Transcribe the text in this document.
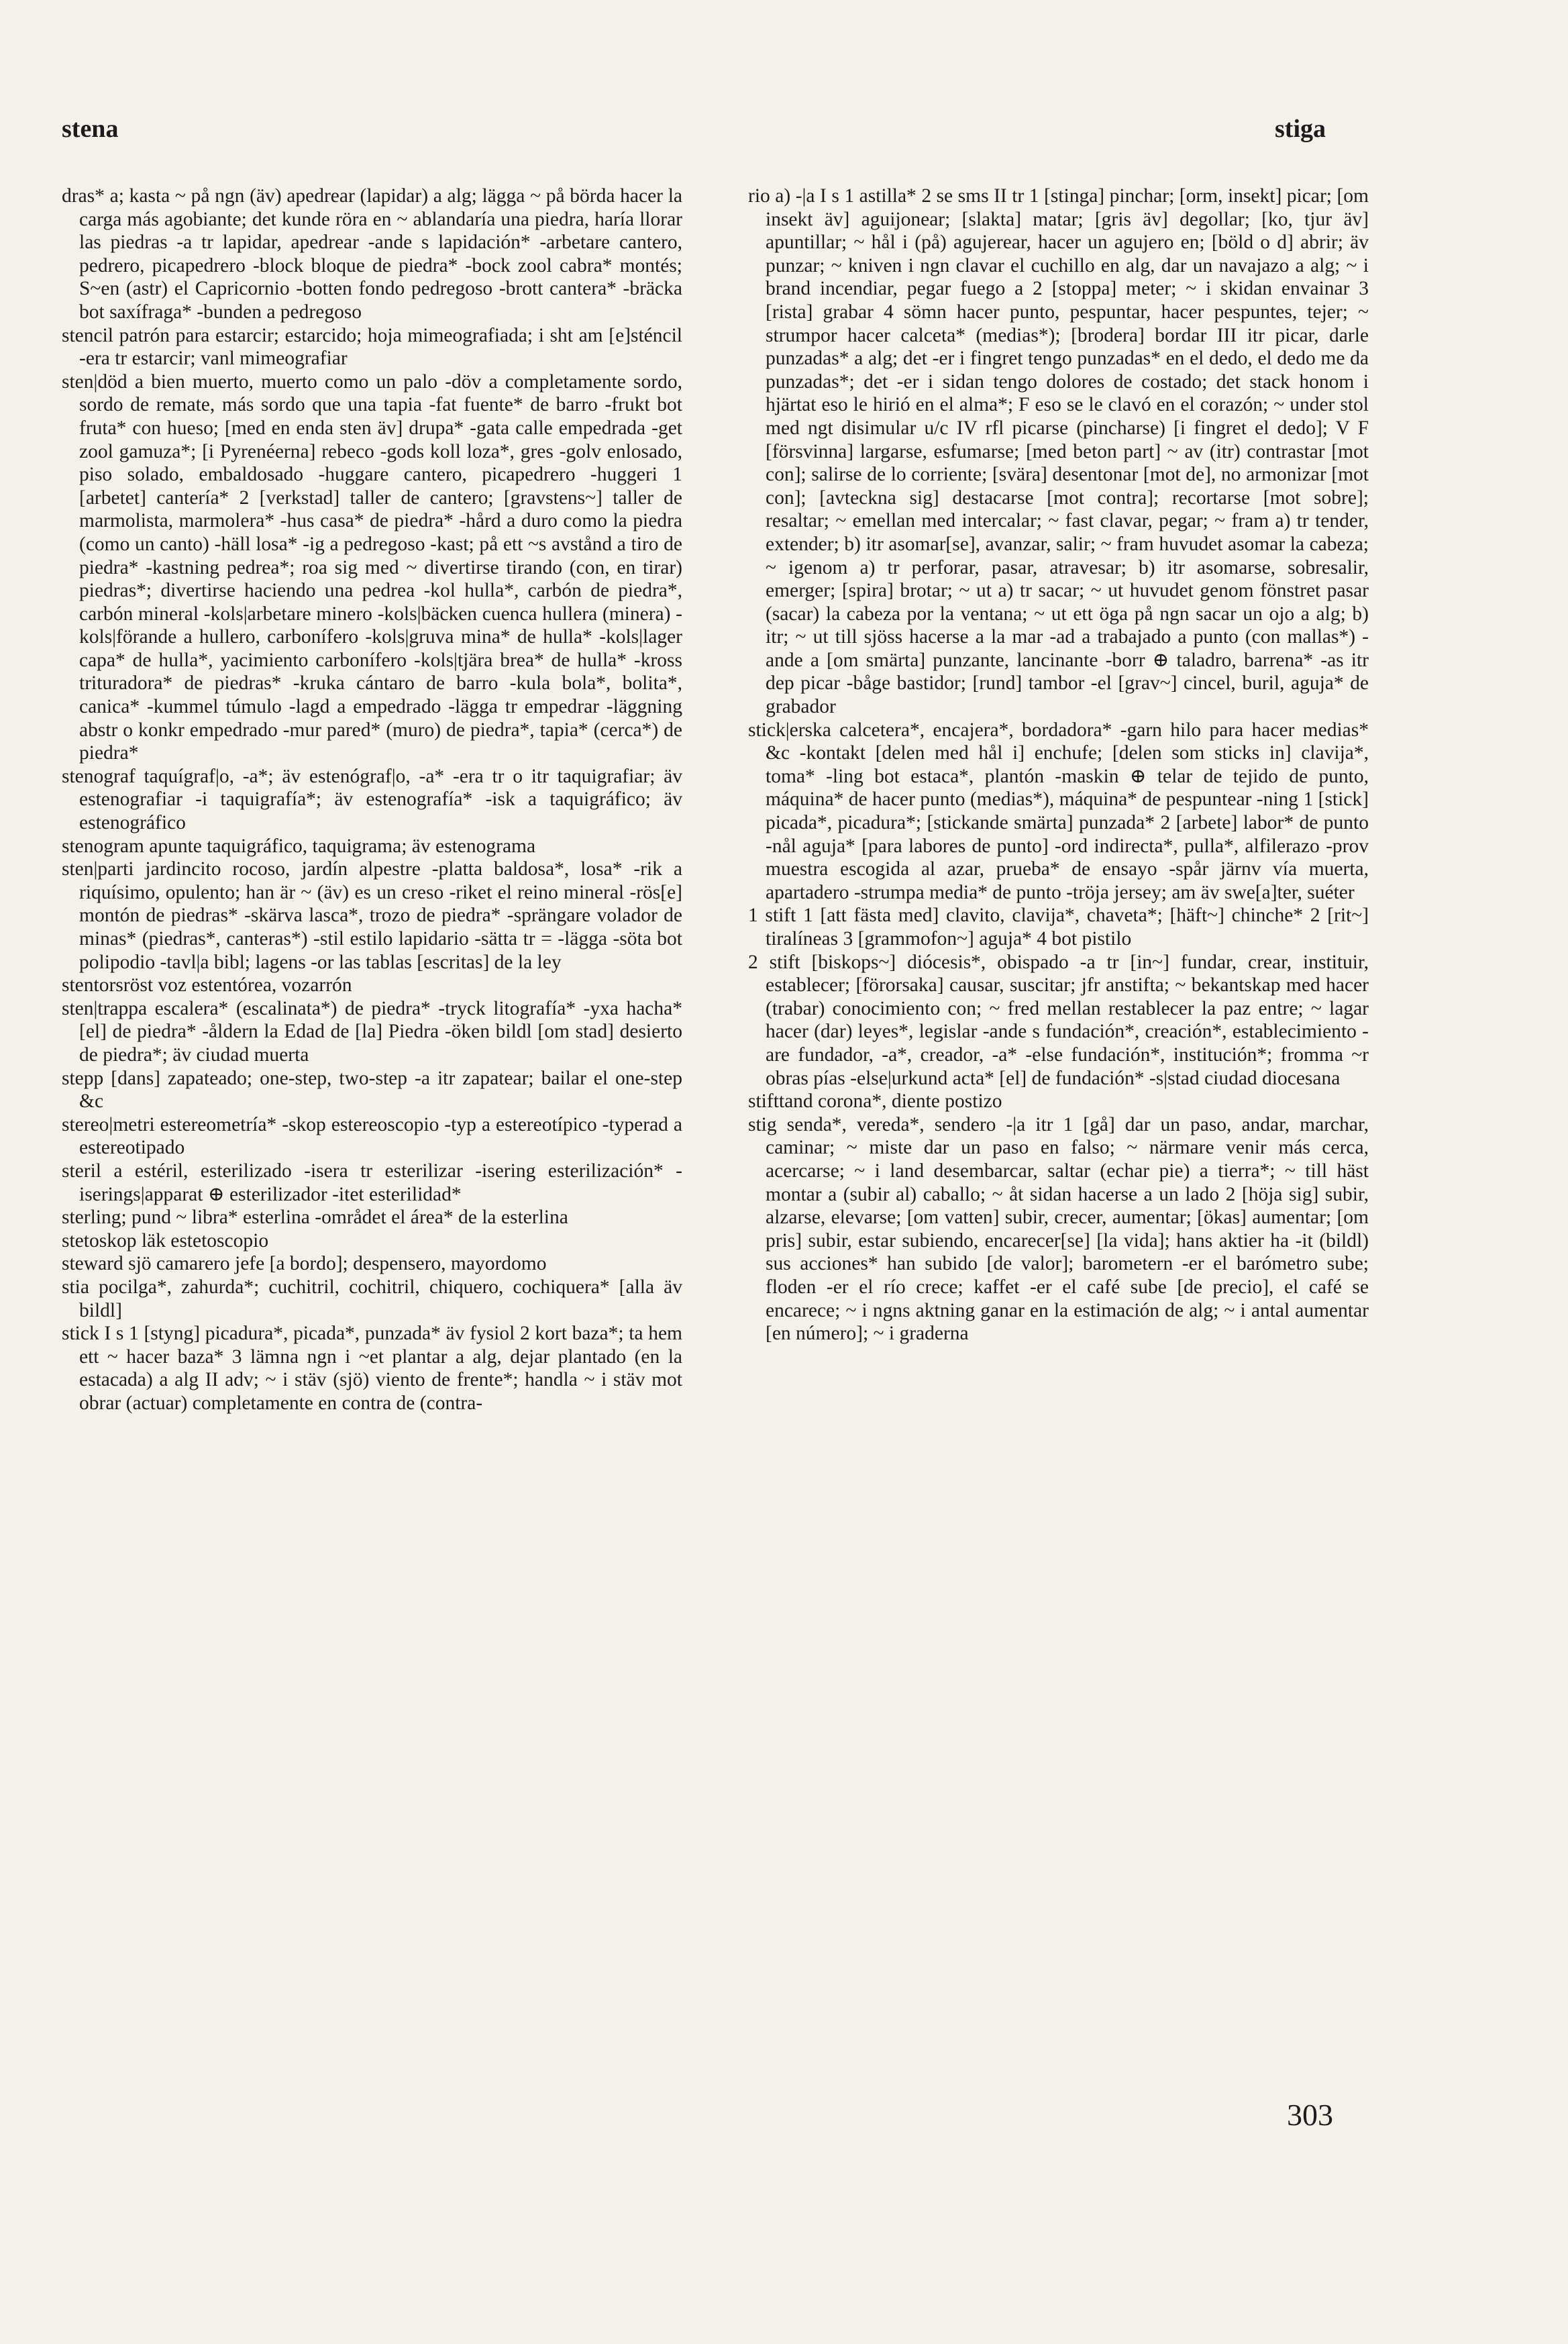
stena	stiga

dras* a; kasta ~ på ngn (äv) apedrear (lapidar) a alg; lägga ~ på börda hacer la carga más agobiante; det kunde röra en ~ ablandaría una piedra, haría llorar las piedras -a tr lapidar, apedrear -ande s lapidación* -arbetare cantero, pedrero, picapedrero -block bloque de piedra* -bock zool cabra* montés; S~en (astr) el Capricornio -botten fondo pedregoso -brott cantera* -bräcka bot saxífraga* -bunden a pedregoso

stencil patrón para estarcir; estarcido; hoja mimeografiada; i sht am [e]sténcil -era tr estarcir; vanl mimeografiar

sten|död a bien muerto, muerto como un palo -döv a completamente sordo, sordo de remate, más sordo que una tapia -fat fuente* de barro -frukt bot fruta* con hueso; [med en enda sten äv] drupa* -gata calle empedrada -get zool gamuza*; [i Pyrenéerna] rebeco -gods koll loza*, gres -golv enlosado, piso solado, embaldosado -huggare cantero, picapedrero -huggeri 1 [arbetet] cantería* 2 [verkstad] taller de cantero; [gravstens~] taller de marmolista, marmolera* -hus casa* de piedra* -hård a duro como la piedra (como un canto) -häll losa* -ig a pedregoso -kast; på ett ~s avstånd a tiro de piedra* -kastning pedrea*; roa sig med ~ divertirse tirando (con, en tirar) piedras*; divertirse haciendo una pedrea -kol hulla*, carbón de piedra*, carbón mineral -kols|arbetare minero -kols|bäcken cuenca hullera (minera) -kols|förande a hullero, carbonífero -kols|gruva mina* de hulla* -kols|lager capa* de hulla*, yacimiento carbonífero -kols|tjära brea* de hulla* -kross trituradora* de piedras* -kruka cántaro de barro -kula bola*, bolita*, canica* -kummel túmulo -lagd a empedrado -lägga tr empedrar -läggning abstr o konkr empedrado -mur pared* (muro) de piedra*, tapia* (cerca*) de piedra*

stenograf taquígraf|o, -a*; äv estenógraf|o, -a* -era tr o itr taquigrafiar; äv estenografiar -i taquigrafía*; äv estenografía* -isk a taquigráfico; äv estenográfico

stenogram apunte taquigráfico, taquigrama; äv estenograma

sten|parti jardincito rocoso, jardín alpestre -platta baldosa*, losa* -rik a riquísimo, opulento; han är ~ (äv) es un creso -riket el reino mineral -rös[e] montón de piedras* -skärva lasca*, trozo de piedra* -sprängare volador de minas* (piedras*, canteras*) -stil estilo lapidario -sätta tr = -lägga -söta bot polipodio -tavl|a bibl; lagens -or las tablas [escritas] de la ley

stentorsröst voz estentórea, vozarrón

sten|trappa escalera* (escalinata*) de piedra* -tryck litografía* -yxa hacha* [el] de piedra* -åldern la Edad de [la] Piedra -öken bildl [om stad] desierto de piedra*; äv ciudad muerta

stepp [dans] zapateado; one-step, two-step -a itr zapatear; bailar el one-step &c

stereo|metri estereometría* -skop estereoscopio -typ a estereotípico -typerad a estereotipado

steril a estéril, esterilizado -isera tr esterilizar -isering esterilización* -iserings|apparat ⊕ esterilizador -itet esterilidad*

sterling; pund ~ libra* esterlina -området el área* de la esterlina

stetoskop läk estetoscopio

steward sjö camarero jefe [a bordo]; despensero, mayordomo

stia pocilga*, zahurda*; cuchitril, cochitril, chiquero, cochiquera* [alla äv bildl]

stick I s 1 [styng] picadura*, picada*, punzada* äv fysiol 2 kort baza*; ta hem ett ~ hacer baza* 3 lämna ngn i ~et plantar a alg, dejar plantado (en la estacada) a alg II adv; ~ i stäv (sjö) viento de frente*; handla ~ i stäv mot obrar (actuar) completamente en contra de (contra-

rio a) -|a I s 1 astilla* 2 se sms II tr 1 [stinga] pinchar; [orm, insekt] picar; [om insekt äv] aguijonear; [slakta] matar; [gris äv] degollar; [ko, tjur äv] apuntillar; ~ hål i (på) agujerear, hacer un agujero en; [böld o d] abrir; äv punzar; ~ kniven i ngn clavar el cuchillo en alg, dar un navajazo a alg; ~ i brand incendiar, pegar fuego a 2 [stoppa] meter; ~ i skidan envainar 3 [rista] grabar 4 sömn hacer punto, pespuntar, hacer pespuntes, tejer; ~ strumpor hacer calceta* (medias*); [brodera] bordar III itr picar, darle punzadas* a alg; det -er i fingret tengo punzadas* en el dedo, el dedo me da punzadas*; det -er i sidan tengo dolores de costado; det stack honom i hjärtat eso le hirió en el alma*; F eso se le clavó en el corazón; ~ under stol med ngt disimular u/c IV rfl picarse (pincharse) [i fingret el dedo]; V F [försvinna] largarse, esfumarse; [med beton part] ~ av (itr) contrastar [mot con]; salirse de lo corriente; [svära] desentonar [mot de], no armonizar [mot con]; [avteckna sig] destacarse [mot contra]; recortarse [mot sobre]; resaltar; ~ emellan med intercalar; ~ fast clavar, pegar; ~ fram a) tr tender, extender; b) itr asomar[se], avanzar, salir; ~ fram huvudet asomar la cabeza; ~ igenom a) tr perforar, pasar, atravesar; b) itr asomarse, sobresalir, emerger; [spira] brotar; ~ ut a) tr sacar; ~ ut huvudet genom fönstret pasar (sacar) la cabeza por la ventana; ~ ut ett öga på ngn sacar un ojo a alg; b) itr; ~ ut till sjöss hacerse a la mar -ad a trabajado a punto (con mallas*) -ande a [om smärta] punzante, lancinante -borr ⊕ taladro, barrena* -as itr dep picar -båge bastidor; [rund] tambor -el [grav~] cincel, buril, aguja* de grabador

stick|erska calcetera*, encajera*, bordadora* -garn hilo para hacer medias* &c -kontakt [delen med hål i] enchufe; [delen som sticks in] clavija*, toma* -ling bot estaca*, plantón -maskin ⊕ telar de tejido de punto, máquina* de hacer punto (medias*), máquina* de pespuntear -ning 1 [stick] picada*, picadura*; [stickande smärta] punzada* 2 [arbete] labor* de punto -nål aguja* [para labores de punto] -ord indirecta*, pulla*, alfilerazo -prov muestra escogida al azar, prueba* de ensayo -spår järnv vía muerta, apartadero -strumpa media* de punto -tröja jersey; am äv swe[a]ter, suéter

1 stift 1 [att fästa med] clavito, clavija*, chaveta*; [häft~] chinche* 2 [rit~] tiralíneas 3 [grammofon~] aguja* 4 bot pistilo

2 stift [biskops~] diócesis*, obispado -a tr [in~] fundar, crear, instituir, establecer; [förorsaka] causar, suscitar; jfr anstifta; ~ bekantskap med hacer (trabar) conocimiento con; ~ fred mellan restablecer la paz entre; ~ lagar hacer (dar) leyes*, legislar -ande s fundación*, creación*, establecimiento -are fundador, -a*, creador, -a* -else fundación*, institución*; fromma ~r obras pías -else|urkund acta* [el] de fundación* -s|stad ciudad diocesana

stifttand corona*, diente postizo

stig senda*, vereda*, sendero -|a itr 1 [gå] dar un paso, andar, marchar, caminar; ~ miste dar un paso en falso; ~ närmare venir más cerca, acercarse; ~ i land desembarcar, saltar (echar pie) a tierra*; ~ till häst montar a (subir al) caballo; ~ åt sidan hacerse a un lado 2 [höja sig] subir, alzarse, elevarse; [om vatten] subir, crecer, aumentar; [ökas] aumentar; [om pris] subir, estar subiendo, encarecer[se] [la vida]; hans aktier ha -it (bildl) sus acciones* han subido [de valor]; barometern -er el barómetro sube; floden -er el río crece; kaffet -er el café sube [de precio], el café se encarece; ~ i ngns aktning ganar en la estimación de alg; ~ i antal aumentar [en número]; ~ i graderna

303
